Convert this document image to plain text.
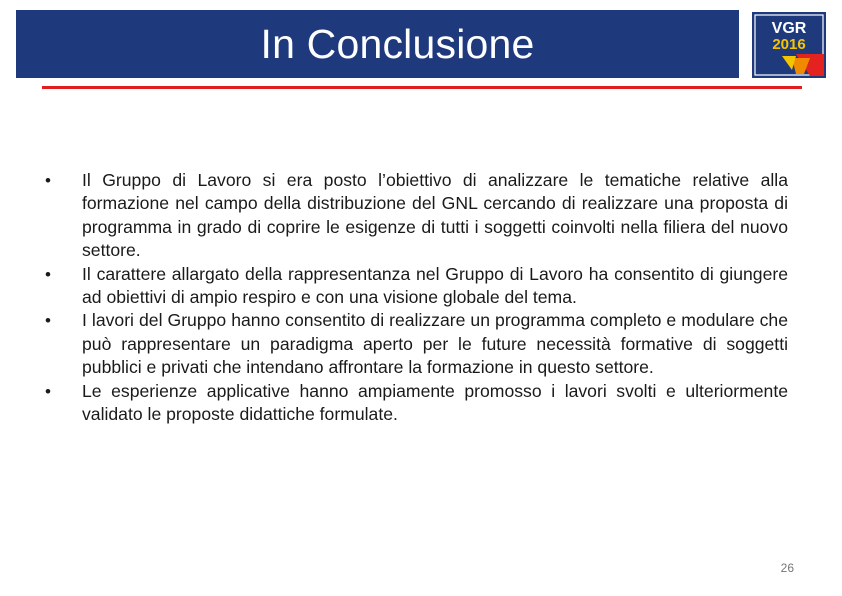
In Conclusione	VGR
2016
•	Il Gruppo di Lavoro si era posto l’obiettivo di analizzare le tematiche relative alla formazione nel campo della distribuzione del GNL cercando di realizzare una proposta di programma in grado di coprire le esigenze di tutti i soggetti coinvolti nella filiera del nuovo settore.
•	Il carattere allargato della rappresentanza nel Gruppo di Lavoro ha consentito di giungere ad obiettivi di ampio respiro e con una visione globale del tema.
•	I lavori del Gruppo hanno consentito di realizzare un programma completo e modulare che può rappresentare un paradigma aperto per le future necessità formative di soggetti pubblici e privati che intendano affrontare la formazione in questo settore.
•	Le esperienze applicative hanno ampiamente promosso i lavori svolti e ulteriormente validato le proposte didattiche formulate.
26
